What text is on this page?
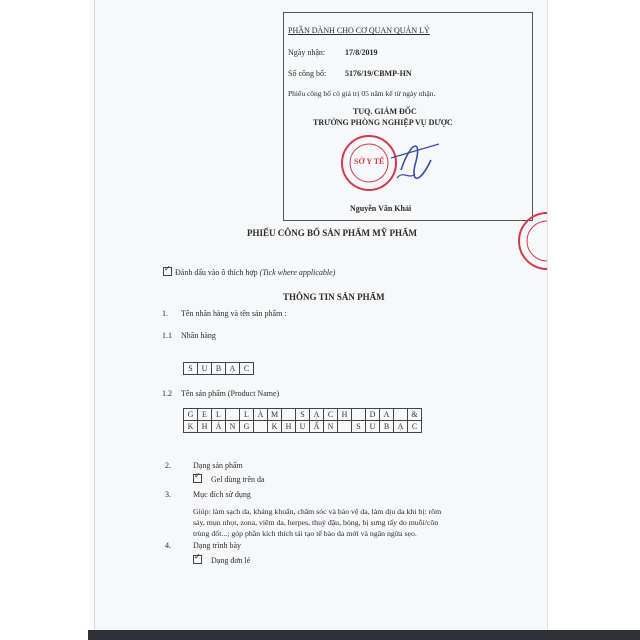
PHẦN DÀNH CHO CƠ QUAN QUẢN LÝ
Ngày nhận: 17/8/2019
Số công bố: 5176/19/CBMP-HN
Phiếu công bố có giá trị 05 năm kể từ ngày nhận.
TUQ. GIÁM ĐỐC
TRƯỞNG PHÒNG NGHIỆP VỤ DƯỢC
SỞ Y TẾ
Nguyễn Văn Khải
PHIẾU CÔNG BỐ SẢN PHẨM MỸ PHẨM
✓Đánh dấu vào ô thích hợp (Tick where applicable)
THÔNG TIN SẢN PHẨM
1. Tên nhãn hàng và tên sản phẩm :
1.1 Nhãn hàng
S	U	B	Ạ	C
1.2 Tên sản phẩm (Product Name)
G	E	L		L	À	M		S	Ạ	C	H		D	A		&
K	H	Á	N	G		K	H	U	Ẩ	N		S	U	B	Ạ	C
2.	Dạng sản phẩm
✓ Gel dùng trên da
3.	Mục đích sử dụng
Giúp: làm sạch da, kháng khuẩn, chăm sóc và bảo vệ da, làm dịu da khi bị: rôm
sảy, mụn nhọt, zona, viêm da, herpes, thuỷ đậu, bỏng, bị sưng tấy do muỗi/côn
trùng đốt...; góp phần kích thích tái tạo tế bào da mới và ngăn ngừa sẹo.
4.	Dạng trình bày
✓ Dạng đơn lẻ
